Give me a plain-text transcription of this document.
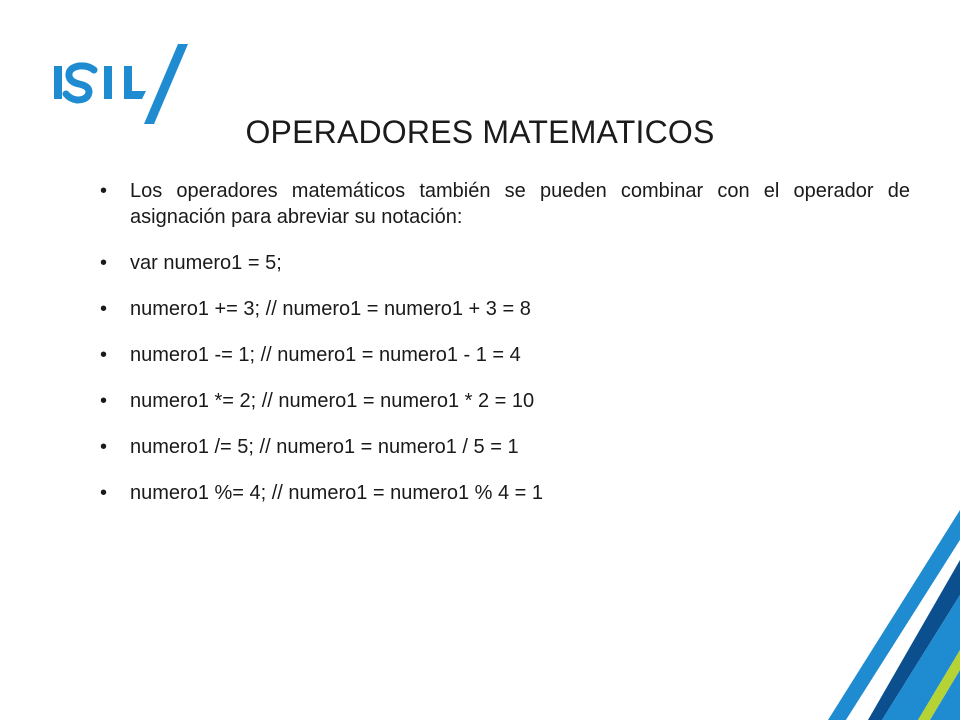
OPERADORES MATEMATICOS
• Los operadores matemáticos también se pueden combinar con el operador de asignación para abreviar su notación:
• var numero1 = 5;
• numero1 += 3; // numero1 = numero1 + 3 = 8
• numero1 -= 1; // numero1 = numero1 - 1 = 4
• numero1 *= 2; // numero1 = numero1 * 2 = 10
• numero1 /= 5; // numero1 = numero1 / 5 = 1
• numero1 %= 4; // numero1 = numero1 % 4 = 1
